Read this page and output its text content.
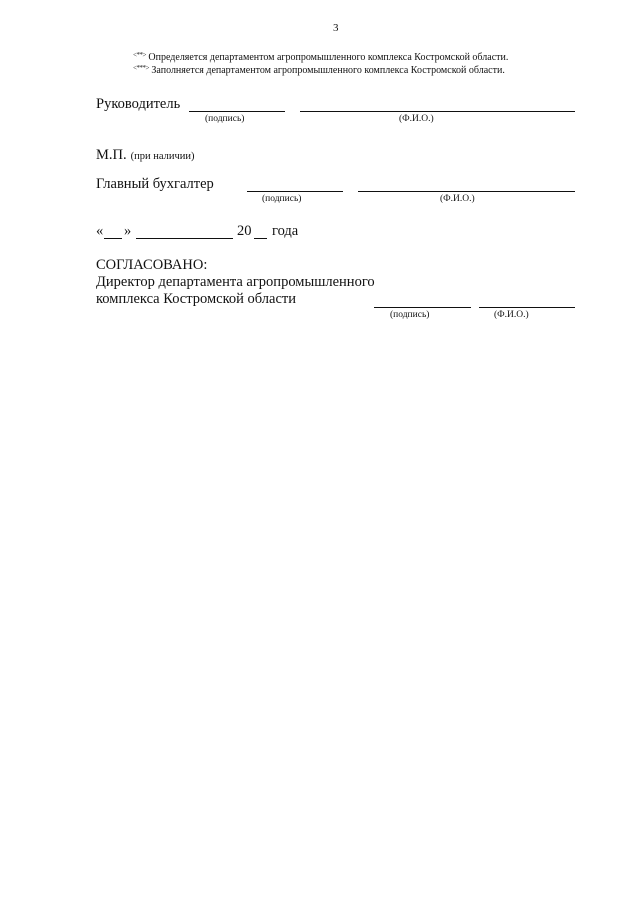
3
<**> Определяется департаментом агропромышленного комплекса Костромской области.
<***> Заполняется департаментом агропромышленного комплекса Костромской области.
Руководитель
(подпись)	(Ф.И.О.)
М.П. (при наличии)
Главный бухгалтер
(подпись)	(Ф.И.О.)
« »	20 года
СОГЛАСОВАНО:
Директор департамента агропромышленного
комплекса Костромской области
(подпись)	(Ф.И.О.)
